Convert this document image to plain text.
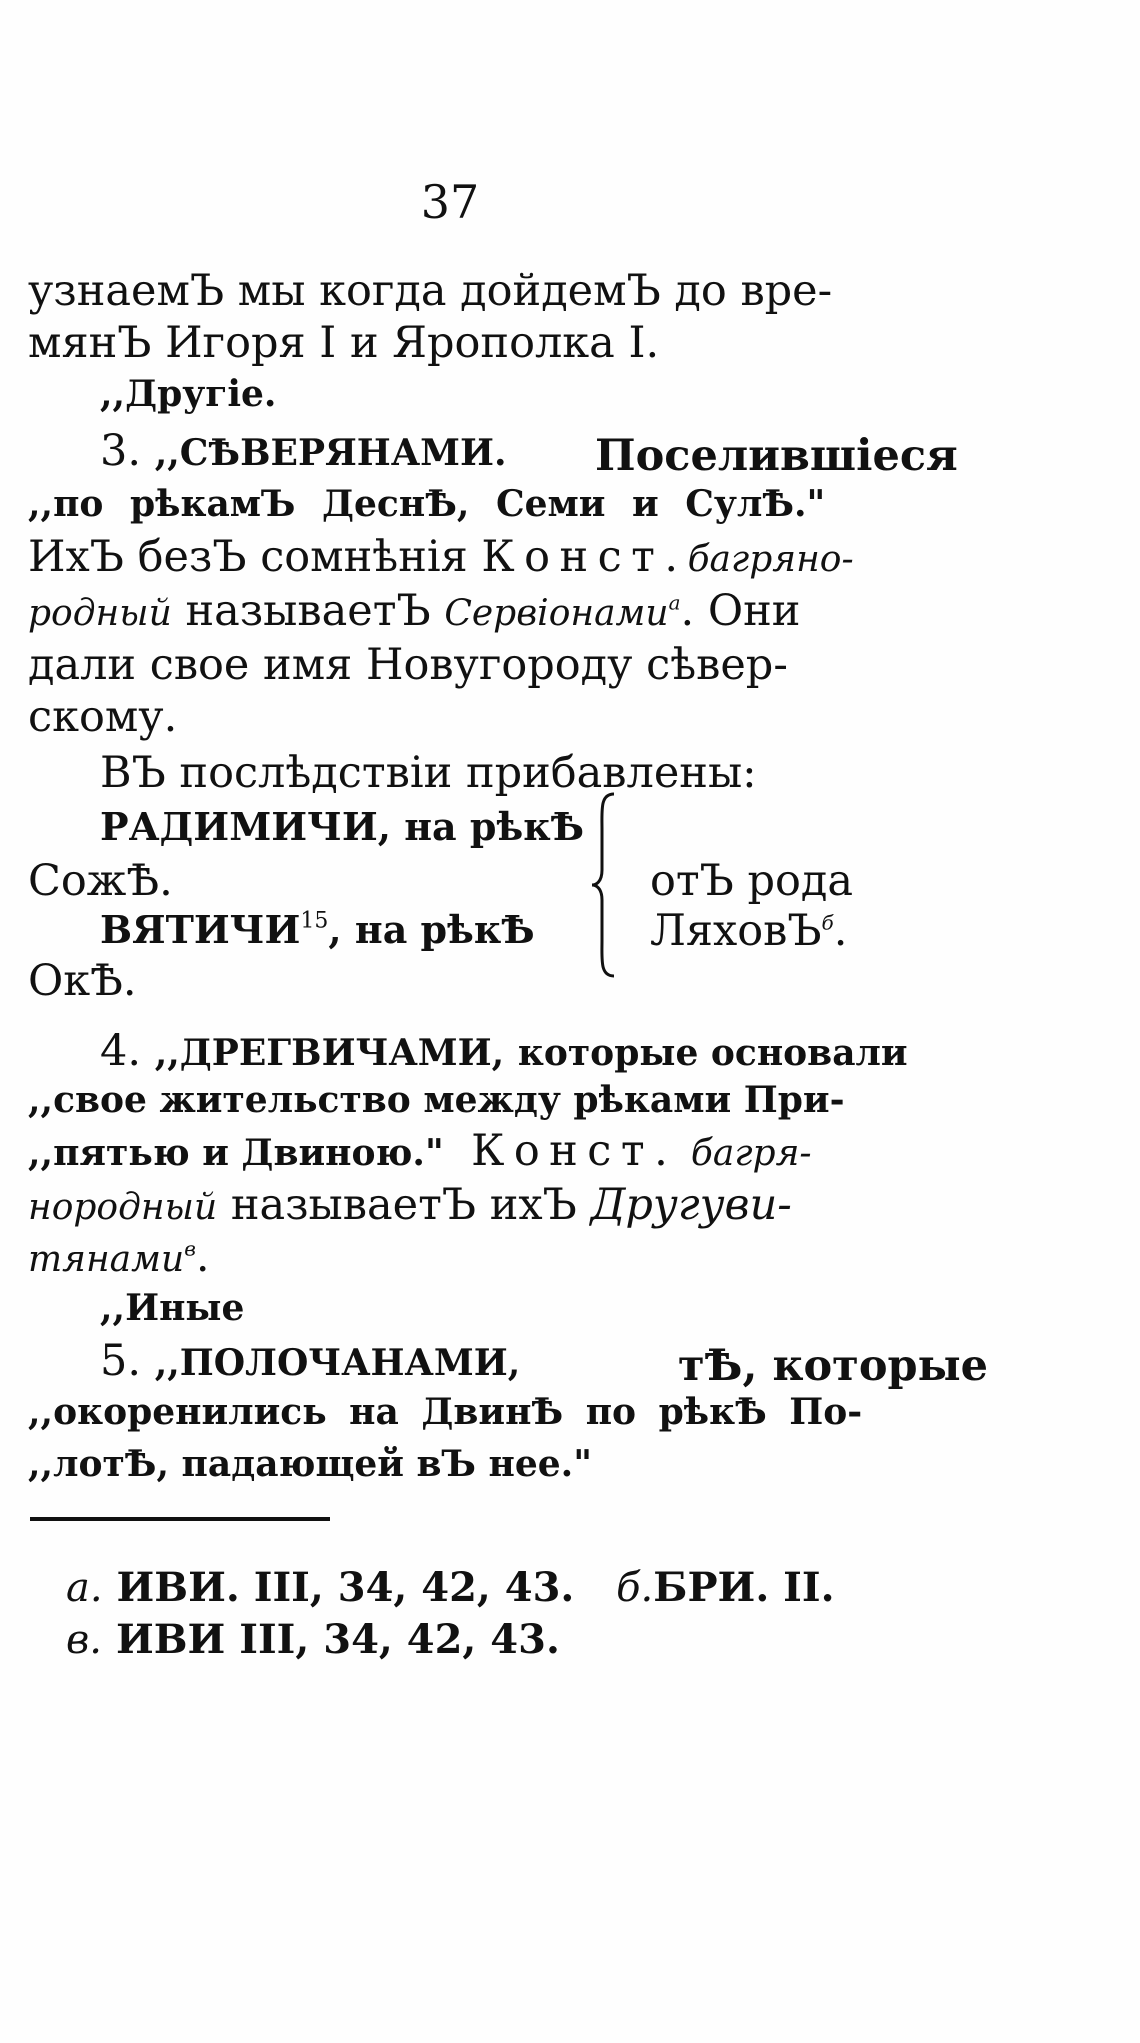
37
узнаемЪ мы когда дойдемЪ до вре-
мянЪ Игоря I и Ярополка I.
,,Другіе.
3. ,,СѢВЕРЯНАМИ. Поселившіеся
,,по рѣкамЪ ДеснѢ, Семи и СулѢ."
ИхЪ безЪ сомнѣнія Конст.багряно-
родный называетЪ Сервіонами$^а$. Они
дали свое имя Новугороду сѣвер-
скому.
ВЪ послѣдствіи прибавлены:
РАДИМИЧИ, на рѣкѢ
СожѢ.
ВЯТИЧИ$^{15}$, на рѣкѢ
ОкѢ.
отЪ рода
ЛяховЪ$^б$.
4. ,,ДРЕГВИЧАМИ, которые основали
,,свое жительство между рѣками При-
,,пятью и Двиною." Конст. багря-
нородный называетЪ ихЪ Другуви-
тянами$^в$.
,,Иные
5. ,,ПОЛОЧАНАМИ,	тѢ, которые
,,окоренились на ДвинѢ по рѣкѢ По-
,,лотѢ, падающей вЪ нее."
а. ИВИ. III, 34, 42, 43. б.БРИ. II.
в. ИВИ III, 34, 42, 43.
